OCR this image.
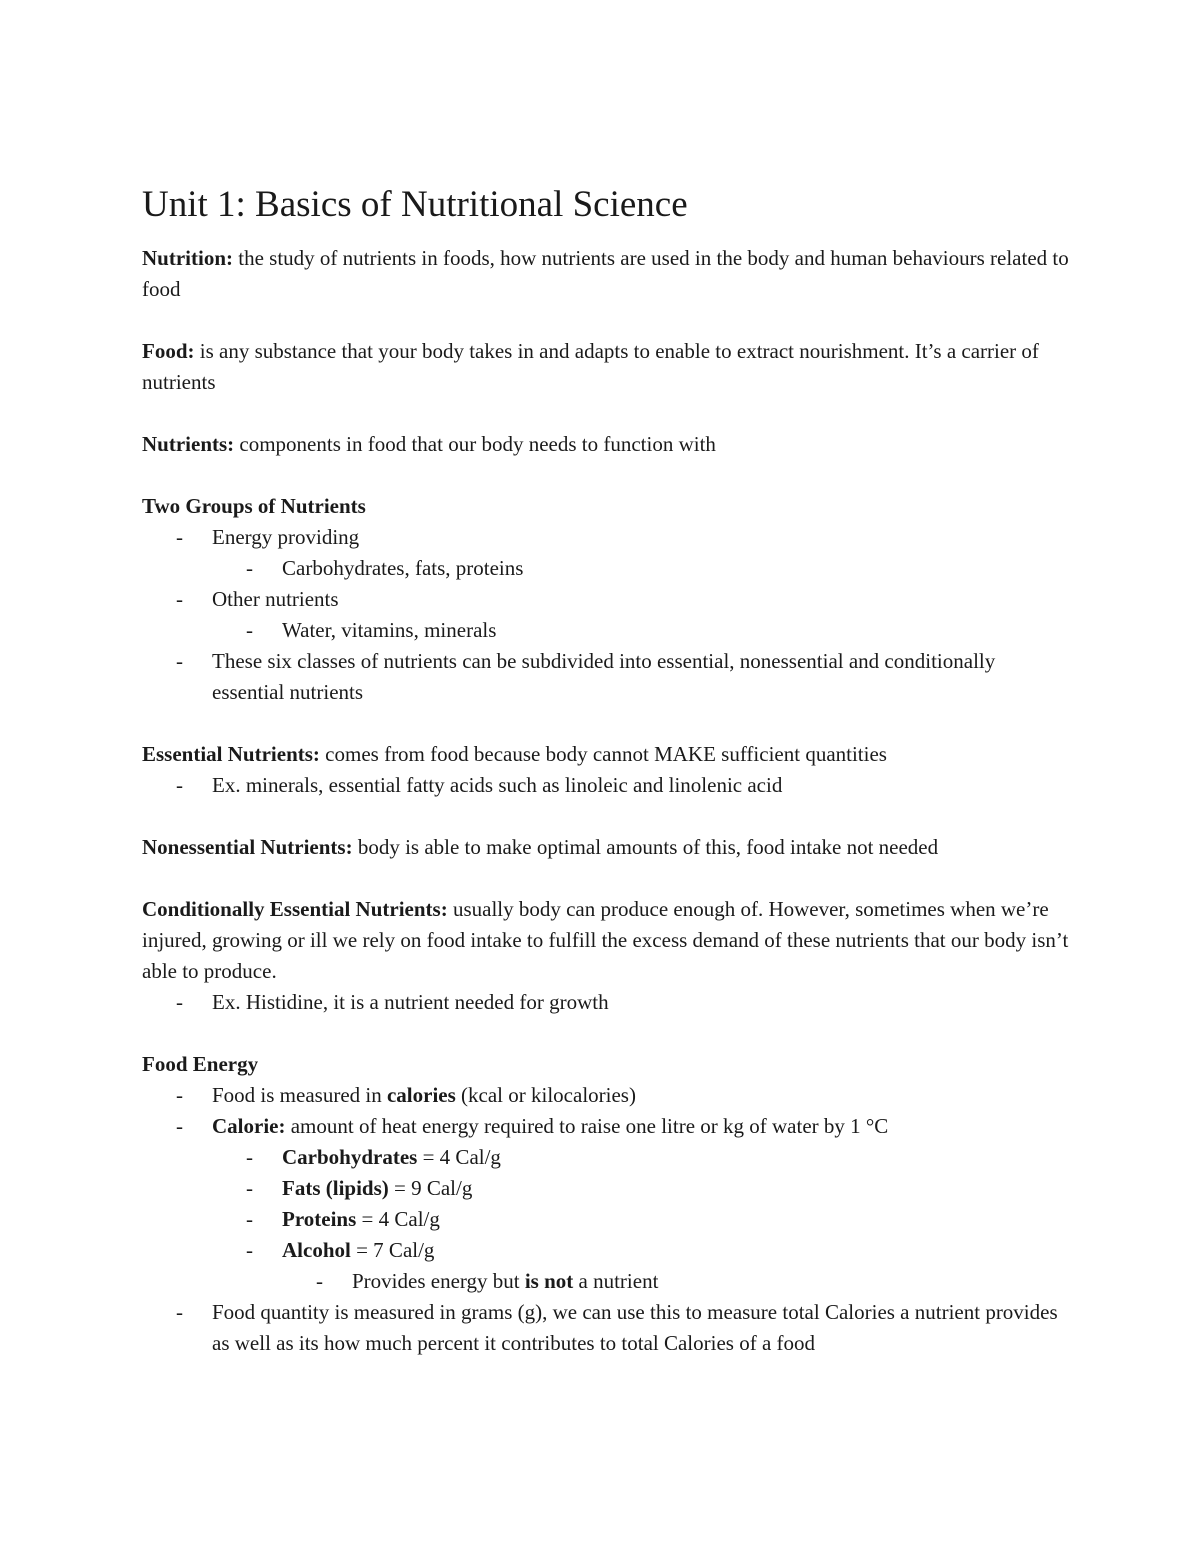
Unit 1: Basics of Nutritional Science

Nutrition: the study of nutrients in foods, how nutrients are used in the body and human behaviours related to food

Food: is any substance that your body takes in and adapts to enable to extract nourishment. It’s a carrier of nutrients

Nutrients: components in food that our body needs to function with

Two Groups of Nutrients

- Energy providing
- Carbohydrates, fats, proteins
- Other nutrients
- Water, vitamins, minerals
- These six classes of nutrients can be subdivided into essential, nonessential and conditionally essential nutrients

Essential Nutrients: comes from food because body cannot MAKE sufficient quantities

- Ex. minerals, essential fatty acids such as linoleic and linolenic acid

Nonessential Nutrients: body is able to make optimal amounts of this, food intake not needed

Conditionally Essential Nutrients: usually body can produce enough of. However, sometimes when we’re injured, growing or ill we rely on food intake to fulfill the excess demand of these nutrients that our body isn’t able to produce.

- Ex. Histidine, it is a nutrient needed for growth

Food Energy

- Food is measured in calories (kcal or kilocalories)
- Calorie: amount of heat energy required to raise one litre or kg of water by 1 °C
- Carbohydrates = 4 Cal/g
- Fats (lipids) = 9 Cal/g
- Proteins = 4 Cal/g
- Alcohol = 7 Cal/g
- Provides energy but is not a nutrient
- Food quantity is measured in grams (g), we can use this to measure total Calories a nutrient provides as well as its how much percent it contributes to total Calories of a food
